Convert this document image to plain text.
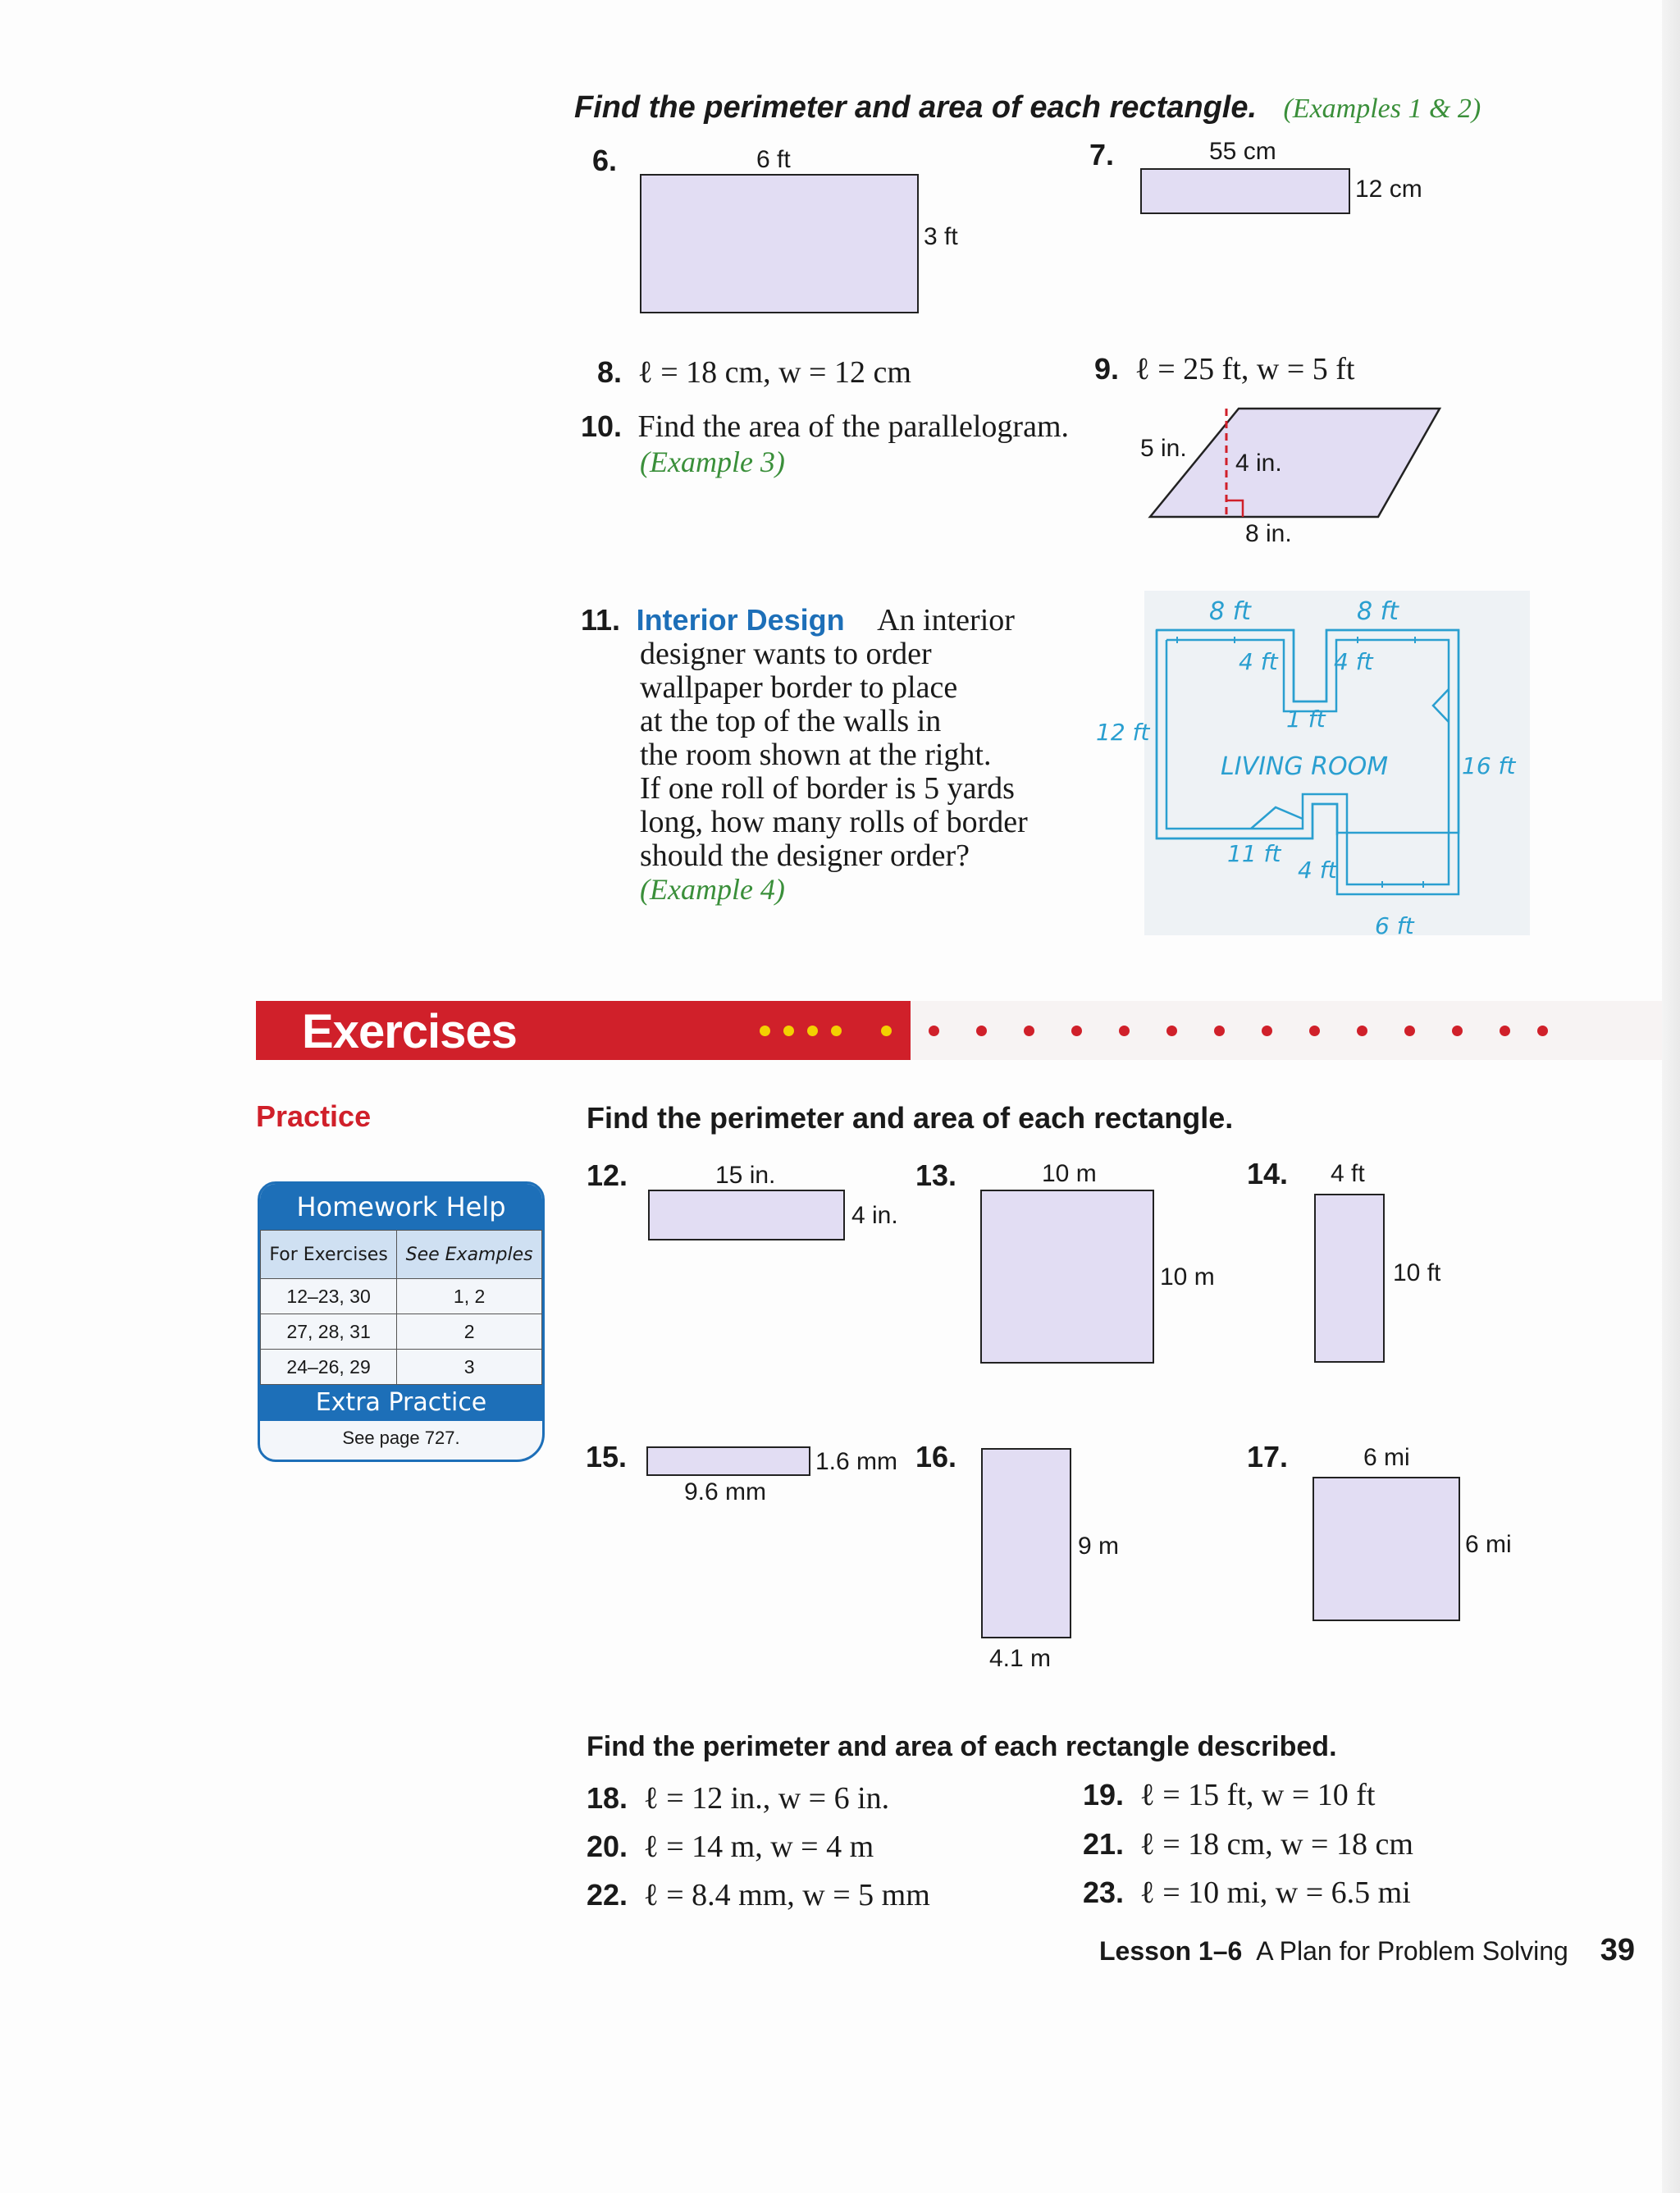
Find the perimeter and area of each rectangle. (Examples 1 & 2)
6.	6 ft
3 ft
7.	55 cm
12 cm
8. ℓ = 18 cm, w = 12 cm	9. ℓ = 25 ft, w = 5 ft
10. Find the area of the parallelogram.
(Example 3)	5 in.
4 in.
8 in.
11. Interior Design An interior
designer wants to order
wallpaper border to place
at the top of the walls in
the room shown at the right.
If one roll of border is 5 yards
long, how many rolls of border
should the designer order?
(Example 4)
8 ft	8 ft
4 ft 4 ft
1 ft
12 ft
LIVING ROOM	16 ft
11 ft
4 ft
6 ft
Exercises
Practice
Homework Help
For Exercises	See Examples
12–23, 30	1, 2
27, 28, 31	2
24–26, 29	3
Extra Practice
See page 727.
Find the perimeter and area of each rectangle.
12.	15 in.
4 in.
13.	10 m
10 m
14. 4 ft
10 ft
15.	1.6 mm
9.6 mm
16.
9 m
4.1 m
17.	6 mi
6 mi
Find the perimeter and area of each rectangle described.
18. ℓ = 12 in., w = 6 in.	19. ℓ = 15 ft, w = 10 ft
20. ℓ = 14 m, w = 4 m	21. ℓ = 18 cm, w = 18 cm
22. ℓ = 8.4 mm, w = 5 mm	23. ℓ = 10 mi, w = 6.5 mi
Lesson 1–6 A Plan for Problem Solving 39
